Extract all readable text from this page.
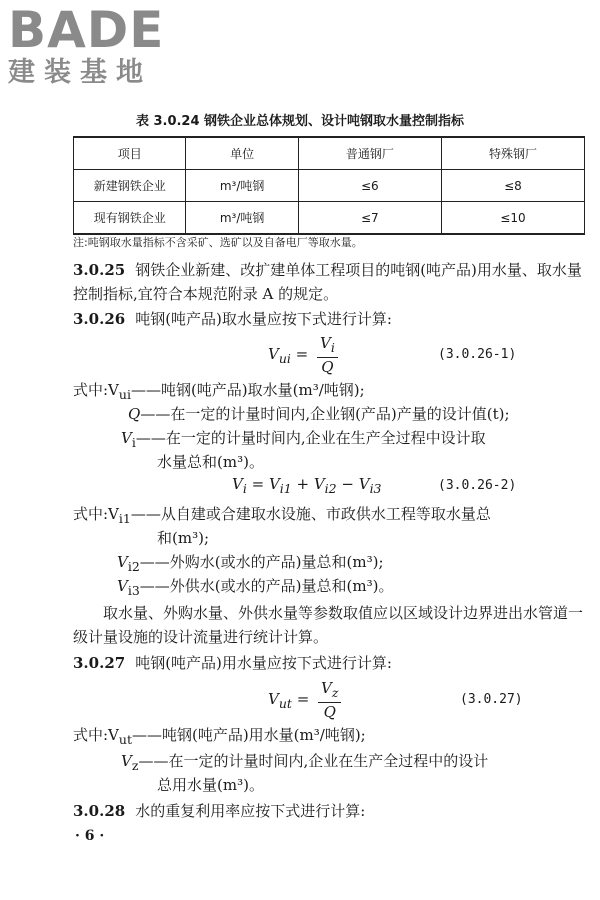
BADE
建装基地
表 3.0.24 钢铁企业总体规划、设计吨钢取水量控制指标
项目	单位	普通钢厂	特殊钢厂
新建钢铁企业	m³/吨钢	≤6	≤8
现有钢铁企业	m³/吨钢	≤7	≤10
注:吨钢取水量指标不含采矿、选矿以及自备电厂等取水量。
3.0.25 钢铁企业新建、改扩建单体工程项目的吨钢(吨产品)用水量、取水量控制指标,宜符合本规范附录 A 的规定。
3.0.26 吨钢(吨产品)取水量应按下式进行计算:
$V_{ui} = \frac{V_i}{Q}$	(3.0.26-1)
式中$:V_{ui}——$吨钢(吨产品)取水量(m³/吨钢);
Q——在一定的计量时间内,企业钢(产品)产量的设计值(t);
$V_i——$在一定的计量时间内,企业在生产全过程中设计取
水量总和(m³)。
$V_i = V_{i1} + V_{i2} - V_{i3}$	(3.0.26-2)
式中$:V_{i1}——$从自建或合建取水设施、市政供水工程等取水量总
和(m³);
$V_{i2}——$外购水(或水的产品)量总和(m³);
$V_{i3}——$外供水(或水的产品)量总和(m³)。
取水量、外购水量、外供水量等参数取值应以区域设计边界进出水管道一级计量设施的设计流量进行统计计算。
3.0.27 吨钢(吨产品)用水量应按下式进行计算:
$V_{ut} = \frac{V_z}{Q}$	(3.0.27)
式中$:V_{ut}——$吨钢(吨产品)用水量(m³/吨钢);
$V_z——$在一定的计量时间内,企业在生产全过程中的设计
总用水量(m³)。
3.0.28 水的重复利用率应按下式进行计算:
· 6 ·
